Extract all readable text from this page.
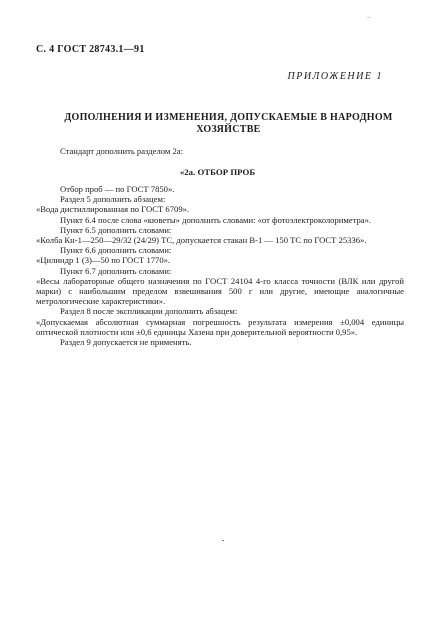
..
С. 4 ГОСТ 28743.1—91
ПРИЛОЖЕНИЕ 1
ДОПОЛНЕНИЯ И ИЗМЕНЕНИЯ, ДОПУСКАЕМЫЕ В НАРОДНОМ
ХОЗЯЙСТВЕ
Стандарт дополнить разделом 2а:
«2а. ОТБОР ПРОБ

Отбор проб — по ГОСТ 7850».

Раздел 5 дополнить абзацем:

«Вода дистиллированная по ГОСТ 6709».

Пункт 6.4 после слова «кюветы» дополнить словами: «от фотоэлектроколориметра».

Пункт 6.5 дополнить словами:

«Колба Кн-1—250—29/32 (24/29) ТС, допускается стакан В-1 — 150 ТС по ГОСТ 25336».

Пункт 6.6 дополнить словами:

«Цилиндр 1 (3)—50 по ГОСТ 1770».

Пункт 6.7 дополнить словами:

«Весы лабораторные общего назначения по ГОСТ 24104 4-го класса точности (ВЛК или другой марки) с наибольшим пределом взвешивания 500 г или другие, имеющие аналогичные метрологические характеристики».

Раздел 8 после экспликации дополнить абзацем:

«Допускаемая абсолютная суммарная погрешность результата измерения ±0,004 единицы оптической плотности или ±0,6 единицы Хазена при доверительной вероятности 0,95».

Раздел 9 допускается не применять.
